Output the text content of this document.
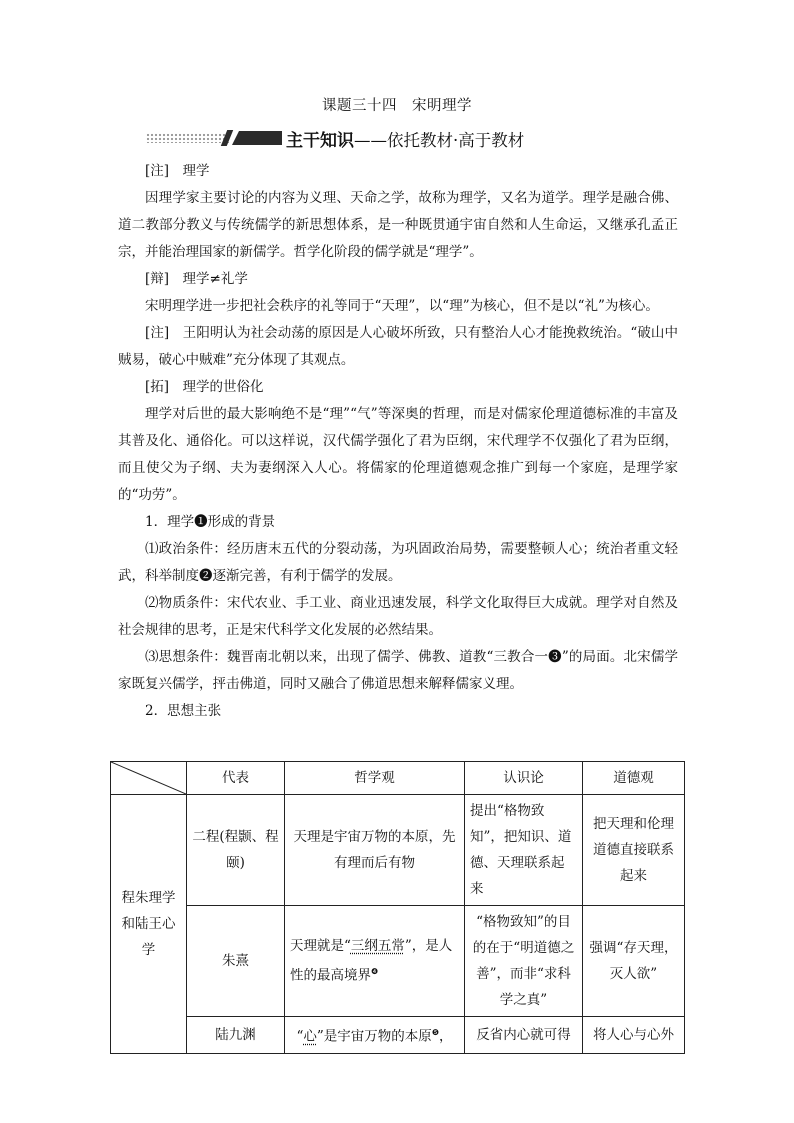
课题三十四　宋明理学
主干知识——依托教材·高于教材

[注]　理学

因理学家主要讨论的内容为义理、天命之学，故称为理学，又名为道学。理学是融合佛、道二教部分教义与传统儒学的新思想体系，是一种既贯通宇宙自然和人生命运，又继承孔孟正宗，并能治理国家的新儒学。哲学化阶段的儒学就是“理学”。

[辩]　理学≠礼学

宋明理学进一步把社会秩序的礼等同于“天理”，以“理”为核心，但不是以“礼”为核心。

[注]　王阳明认为社会动荡的原因是人心破坏所致，只有整治人心才能挽救统治。“破山中贼易，破心中贼难”充分体现了其观点。

[拓]　理学的世俗化

理学对后世的最大影响绝不是“理”“气”等深奥的哲理，而是对儒家伦理道德标准的丰富及其普及化、通俗化。可以这样说，汉代儒学强化了君为臣纲，宋代理学不仅强化了君为臣纲，而且使父为子纲、夫为妻纲深入人心。将儒家的伦理道德观念推广到每一个家庭，是理学家的“功劳”。

1．理学❶形成的背景

⑴政治条件：经历唐末五代的分裂动荡，为巩固政治局势，需要整顿人心；统治者重文轻武，科举制度❷逐渐完善，有利于儒学的发展。

⑵物质条件：宋代农业、手工业、商业迅速发展，科学文化取得巨大成就。理学对自然及社会规律的思考，正是宋代科学文化发展的必然结果。

⑶思想条件：魏晋南北朝以来，出现了儒学、佛教、道教“三教合一❸”的局面。北宋儒学家既复兴儒学，抨击佛道，同时又融合了佛道思想来解释儒家义理。

2．思想主张

	代表	哲学观	认识论	道德观
程朱理学和陆王心学	二程(程颢、程颐)	天理是宇宙万物的本原，先有理而后有物	提出“格物致知”，把知识、道德、天理联系起来	把天理和伦理道德直接联系起来
	朱熹	天理就是“三纲五常”，是人性的最高境界$^❹$	“格物致知”的目的在于“明道德之善”，而非“求科学之真”	强调“存天理，灭人欲”
	陆九渊	“心”是宇宙万物的本原$^❺$，	反省内心就可得	将人心与心外
